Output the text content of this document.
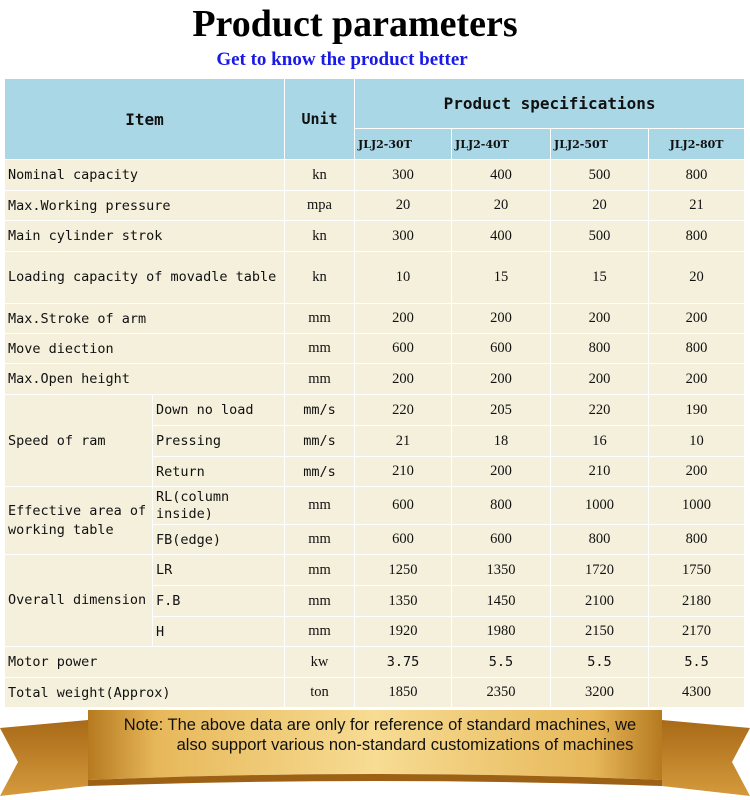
Product parameters
Get to know the product better
Item		Unit	Product specifications			
			JLJ2-30T	JLJ2-40T	JLJ2-50T	JLJ2-80T
Nominal capacity		kn	300	400	500	800
Max.Working pressure		mpa	20	20	20	21
Main cylinder strok		kn	300	400	500	800
Loading capacity of movadle table		kn	10	15	15	20
Max.Stroke of arm		mm	200	200	200	200
Move diection		mm	600	600	800	800
Max.Open height		mm	200	200	200	200
Speed of ram	Down no load	mm/s	220	205	220	190
	Pressing	mm/s	21	18	16	10
	Return	mm/s	210	200	210	200
Effective area of working table	RL(column inside)	mm	600	800	1000	1000
	FB(edge)	mm	600	600	800	800
Overall dimension	LR	mm	1250	1350	1720	1750
	F.B	mm	1350	1450	2100	2180
	H	mm	1920	1980	2150	2170
Motor power		kw	3.75	5.5	5.5	5.5
Total weight(Approx)		ton	1850	2350	3200	4300
Note: The above data are only for reference of standard machines, we
also support various non-standard customizations of machines
